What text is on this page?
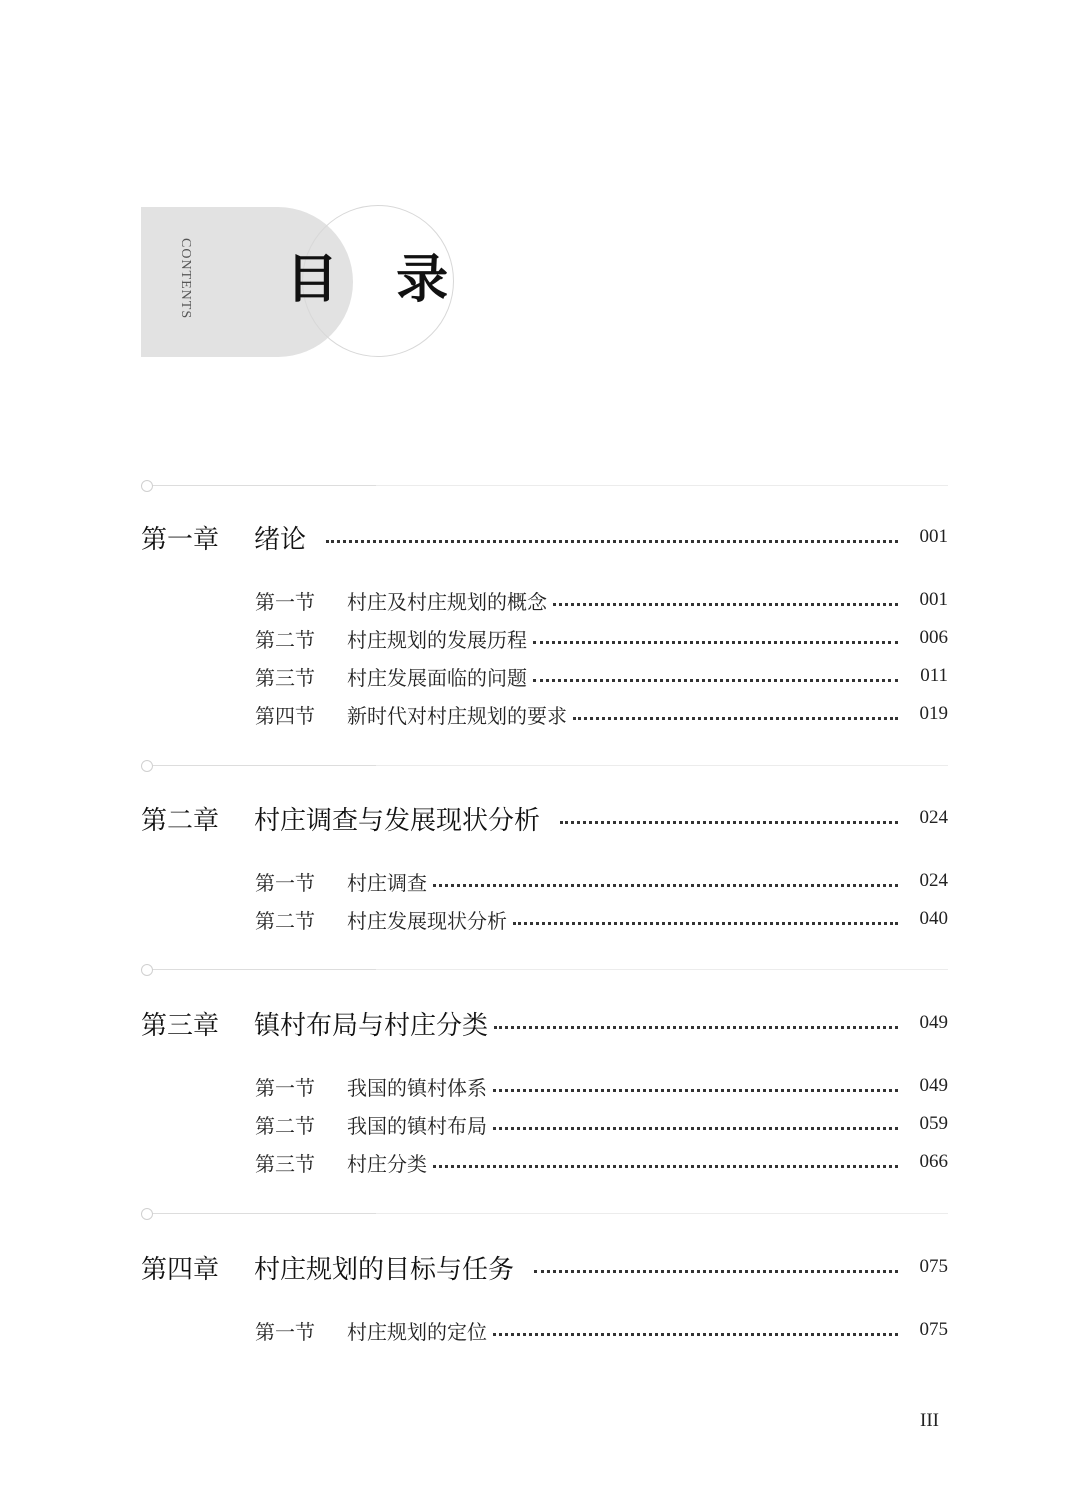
CONTENTS 目 录
第一章	绪论	001
第一节	村庄及村庄规划的概念	001
第二节	村庄规划的发展历程	006
第三节	村庄发展面临的问题	011
第四节	新时代对村庄规划的要求	019
第二章	村庄调查与发展现状分析	024
第一节	村庄调查	024
第二节	村庄发展现状分析	040
第三章	镇村布局与村庄分类	049
第一节	我国的镇村体系	049
第二节	我国的镇村布局	059
第三节	村庄分类	066
第四章	村庄规划的目标与任务	075
第一节	村庄规划的定位	075
III
